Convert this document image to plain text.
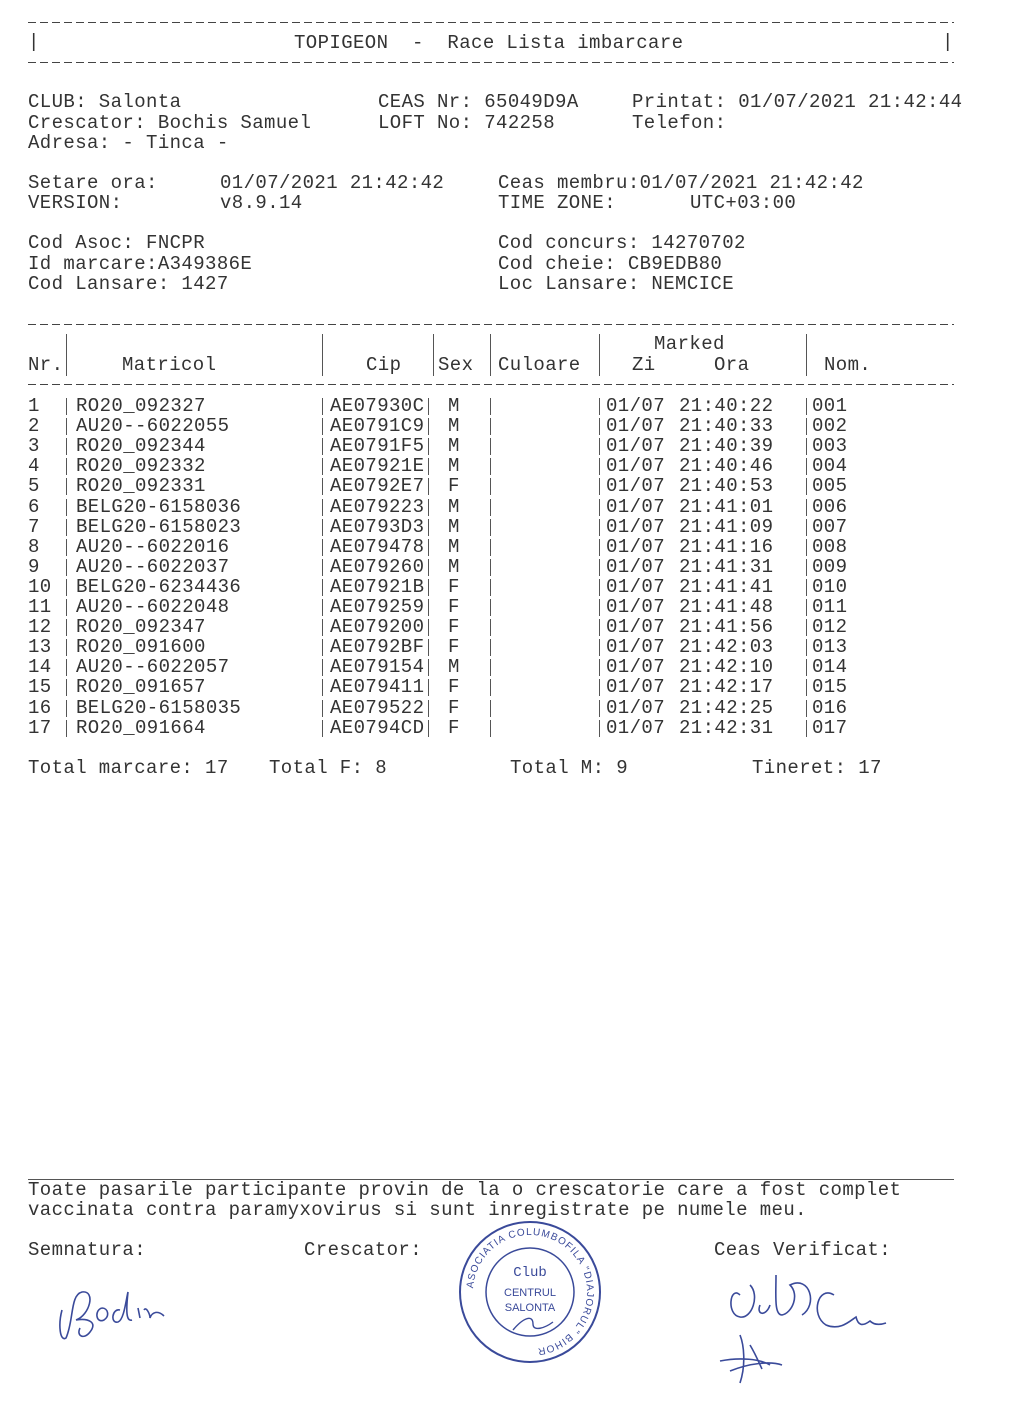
|	|
TOPIGEON  -  Race Lista imbarcare
CLUB: Salonta
Crescator: Bochis Samuel
Adresa: - Tinca -
CEAS Nr: 65049D9A
LOFT No: 742258
Printat: 01/07/2021 21:42:44
Telefon:
Setare ora:	01/07/2021 21:42:42
VERSION:	v8.9.14
Ceas membru:01/07/2021 21:42:42
TIME ZONE:	UTC+03:00
Cod Asoc: FNCPR
Id marcare:A349386E
Cod Lansare: 1427
Cod concurs: 14270702
Cod cheie: CB9EDB80
Loc Lansare: NEMCICE
Nr.	Matricol	Cip Sex Culoare
Marked
Zi	Ora	Nom.
1 RO20_092327	AE07930C M	01/07 21:40:22 001
2 AU20--6022055	AE0791C9 M	01/07 21:40:33 002
3 RO20_092344	AE0791F5 M	01/07 21:40:39 003
4 RO20_092332	AE07921E M	01/07 21:40:46 004
5 RO20_092331	AE0792E7 F	01/07 21:40:53 005
6 BELG20-6158036	AE079223 M	01/07 21:41:01 006
7 BELG20-6158023	AE0793D3 M	01/07 21:41:09 007
8 AU20--6022016	AE079478 M	01/07 21:41:16 008
9 AU20--6022037	AE079260 M	01/07 21:41:31 009
10 BELG20-6234436	AE07921B F	01/07 21:41:41 010
11 AU20--6022048	AE079259 F	01/07 21:41:48 011
12 RO20_092347	AE079200 F	01/07 21:41:56 012
13 RO20_091600	AE0792BF F	01/07 21:42:03 013
14 AU20--6022057	AE079154 M	01/07 21:42:10 014
15 RO20_091657	AE079411 F	01/07 21:42:17 015
16 BELG20-6158035	AE079522 F	01/07 21:42:25 016
17 RO20_091664	AE0794CD F	01/07 21:42:31 017
Total marcare: 17 Total F: 8	Total M: 9	Tineret: 17
Toate pasarile participante provin de la o crescatorie care a fost complet
vaccinata contra paramyxovirus si sunt inregistrate pe numele meu.
Semnatura:	Crescator:	Ceas Verificat:
ASOCIATIA COLUMBOFILA "DIAJORUL" BIHOR
Club
CENTRUL
SALONTA
